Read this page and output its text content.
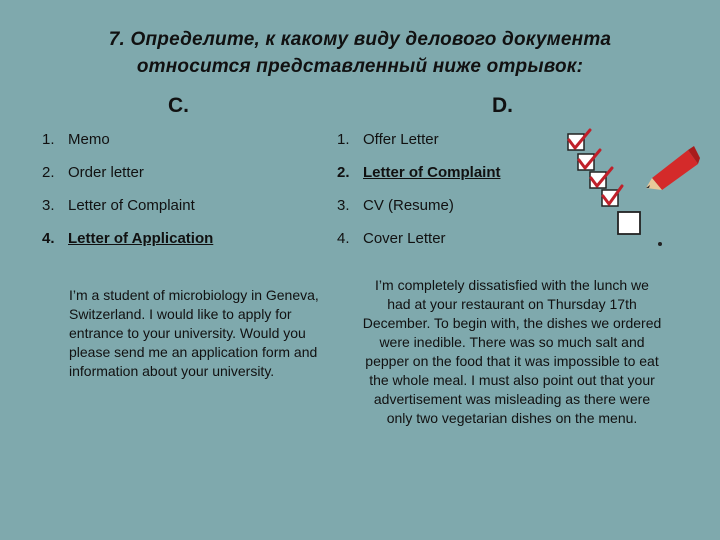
7. Определите, к какому виду делового документа
относится представленный ниже отрывок:
C.
1. Memo
2. Order letter
3. Letter of Complaint
4. Letter of Application

I’m a student of microbiology in Geneva, Switzerland. I would like to apply for entrance to your university. Would you please send me an application form and information about your university.

D.
1. Offer Letter
2. Letter of Complaint
3. CV (Resume)
4. Cover Letter

I’m completely dissatisfied with the lunch we had at your restaurant on Thursday 17th December. To begin with, the dishes we ordered were inedible. There was so much salt and pepper on the food that it was impossible to eat the whole meal. I must also point out that your advertisement was misleading as there were only two vegetarian dishes on the menu.
